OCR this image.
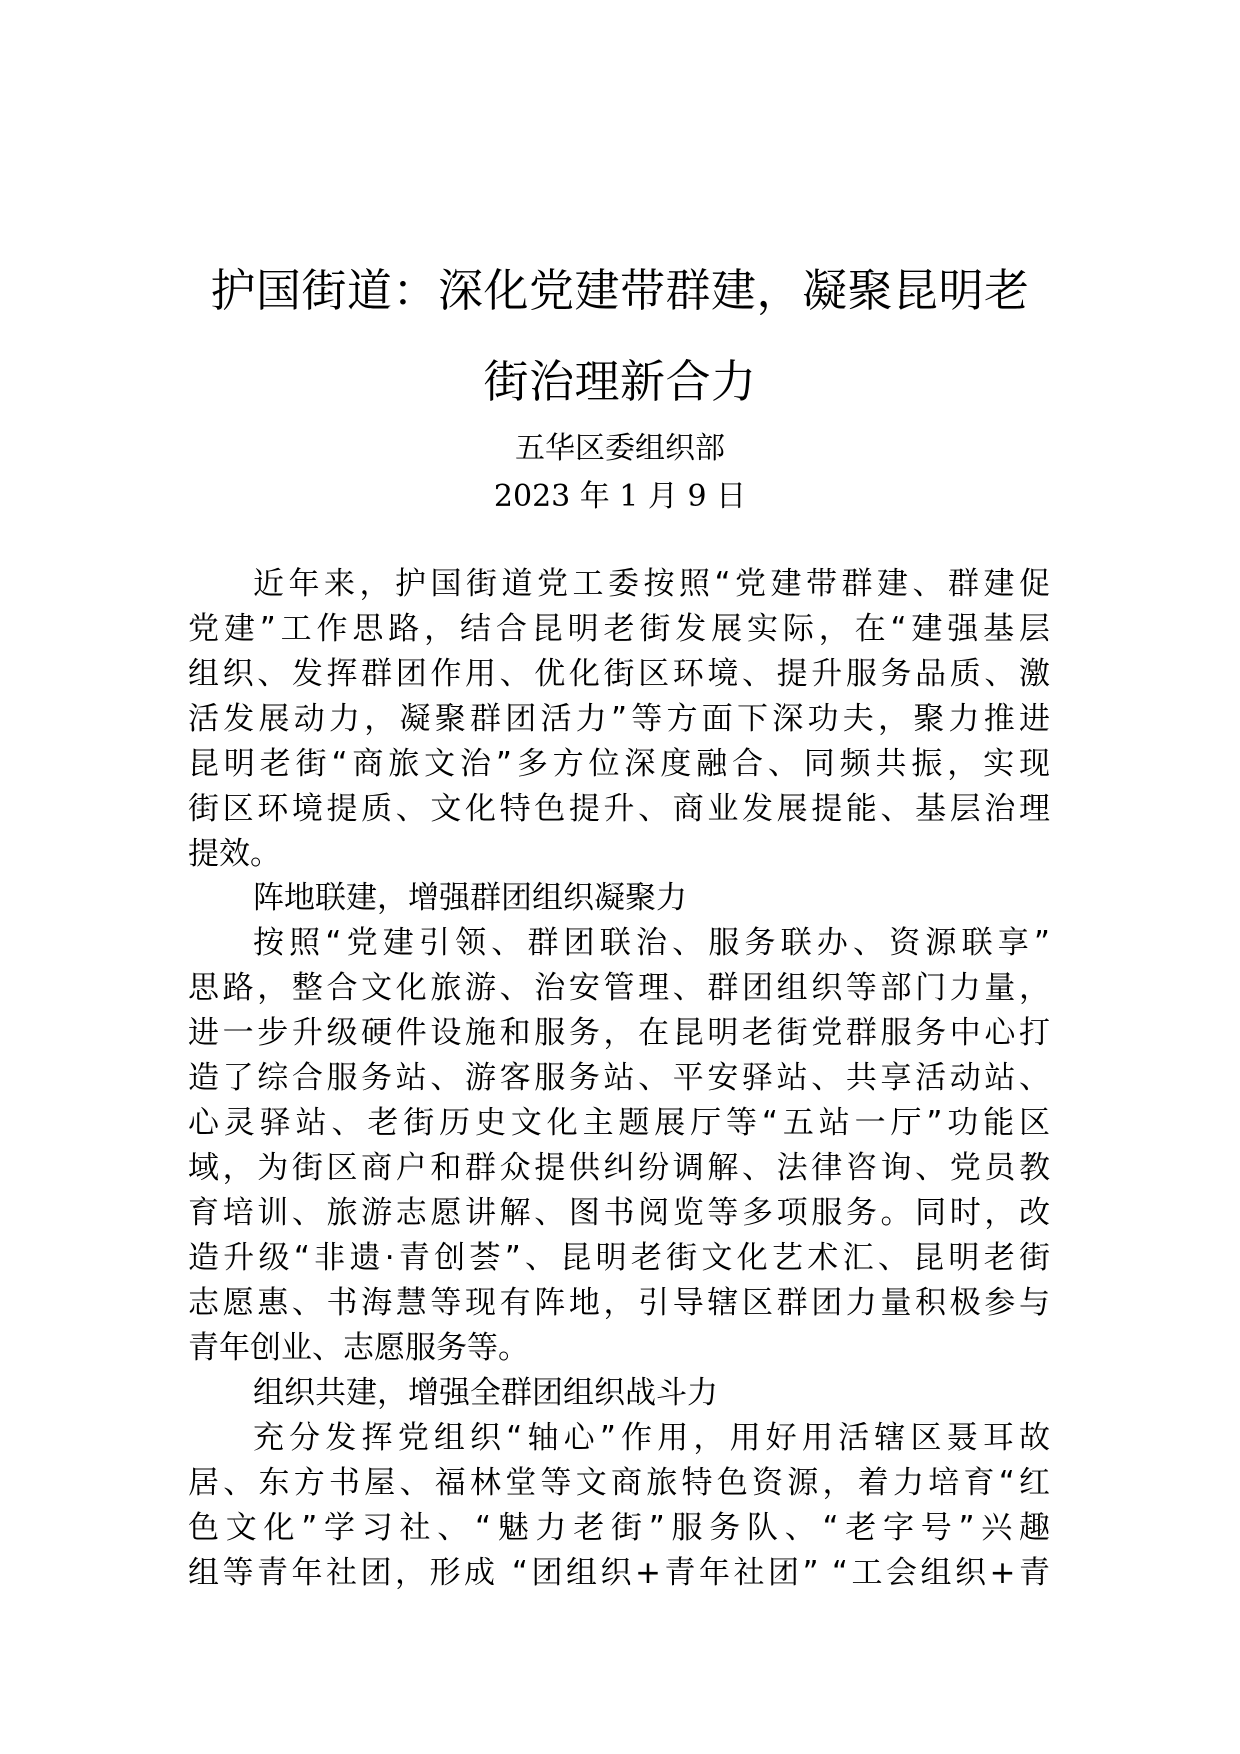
护国街道：深化党建带群建，凝聚昆明老
街治理新合力
五华区委组织部
2023 年 1 月 9 日
近年来，护国街道党工委按照“党建带群建、群建促
党建”工作思路，结合昆明老街发展实际，在“建强基层
组织、发挥群团作用、优化街区环境、提升服务品质、激
活发展动力，凝聚群团活力”等方面下深功夫，聚力推进
昆明老街“商旅文治”多方位深度融合、同频共振，实现
街区环境提质、文化特色提升、商业发展提能、基层治理
提效。
阵地联建，增强群团组织凝聚力
按照“党建引领、群团联治、服务联办、资源联享”
思路，整合文化旅游、治安管理、群团组织等部门力量，
进一步升级硬件设施和服务，在昆明老街党群服务中心打
造了综合服务站、游客服务站、平安驿站、共享活动站、
心灵驿站、老街历史文化主题展厅等“五站一厅”功能区
域，为街区商户和群众提供纠纷调解、法律咨询、党员教
育培训、旅游志愿讲解、图书阅览等多项服务。同时，改
造升级“非遗·青创荟”、昆明老街文化艺术汇、昆明老街
志愿惠、书海慧等现有阵地，引导辖区群团力量积极参与
青年创业、志愿服务等。
组织共建，增强全群团组织战斗力
充分发挥党组织“轴心”作用，用好用活辖区聂耳故
居、东方书屋、福林堂等文商旅特色资源，着力培育“红
色文化”学习社、“魅力老街”服务队、“老字号”兴趣
组等青年社团，形成 “团组织+青年社团” “工会组织+青
